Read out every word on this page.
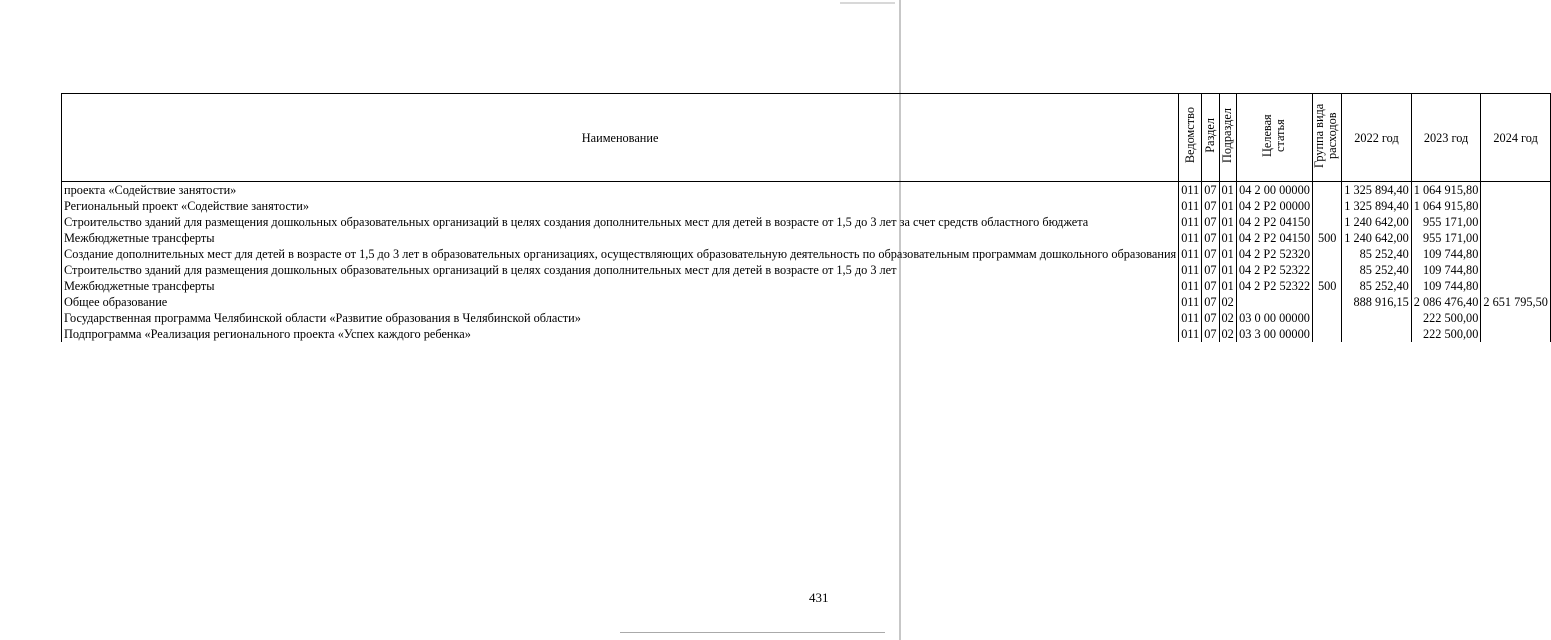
Наименование	Ведомство	Раздел	Подраздел	Целевая статья	Группа вида расходов	2022 год	2023 год	2024 год
проекта «Содействие занятости»	011	07	01	04 2 00 00000		1 325 894,40	1 064 915,80	
Региональный проект «Содействие занятости»	011	07	01	04 2 P2 00000		1 325 894,40	1 064 915,80	
Строительство зданий для размещения дошкольных образовательных организаций в целях создания дополнительных мест для детей в возрасте от 1,5 до 3 лет за счет средств областного бюджета	011	07	01	04 2 P2 04150		1 240 642,00	955 171,00	
Межбюджетные трансферты	011	07	01	04 2 P2 04150	500	1 240 642,00	955 171,00	
Создание дополнительных мест для детей в возрасте от 1,5 до 3 лет в образовательных организациях, осуществляющих образовательную деятельность по образовательным программам дошкольного образования	011	07	01	04 2 P2 52320		85 252,40	109 744,80	
Строительство зданий для размещения дошкольных образовательных организаций в целях создания дополнительных мест для детей в возрасте от 1,5 до 3 лет	011	07	01	04 2 P2 52322		85 252,40	109 744,80	
Межбюджетные трансферты	011	07	01	04 2 P2 52322	500	85 252,40	109 744,80	
Общее образование	011	07	02			888 916,15	2 086 476,40	2 651 795,50
Государственная программа Челябинской области «Развитие образования в Челябинской области»	011	07	02	03 0 00 00000			222 500,00	
Подпрограмма «Реализация регионального проекта «Успех каждого ребенка»	011	07	02	03 3 00 00000			222 500,00	
431
